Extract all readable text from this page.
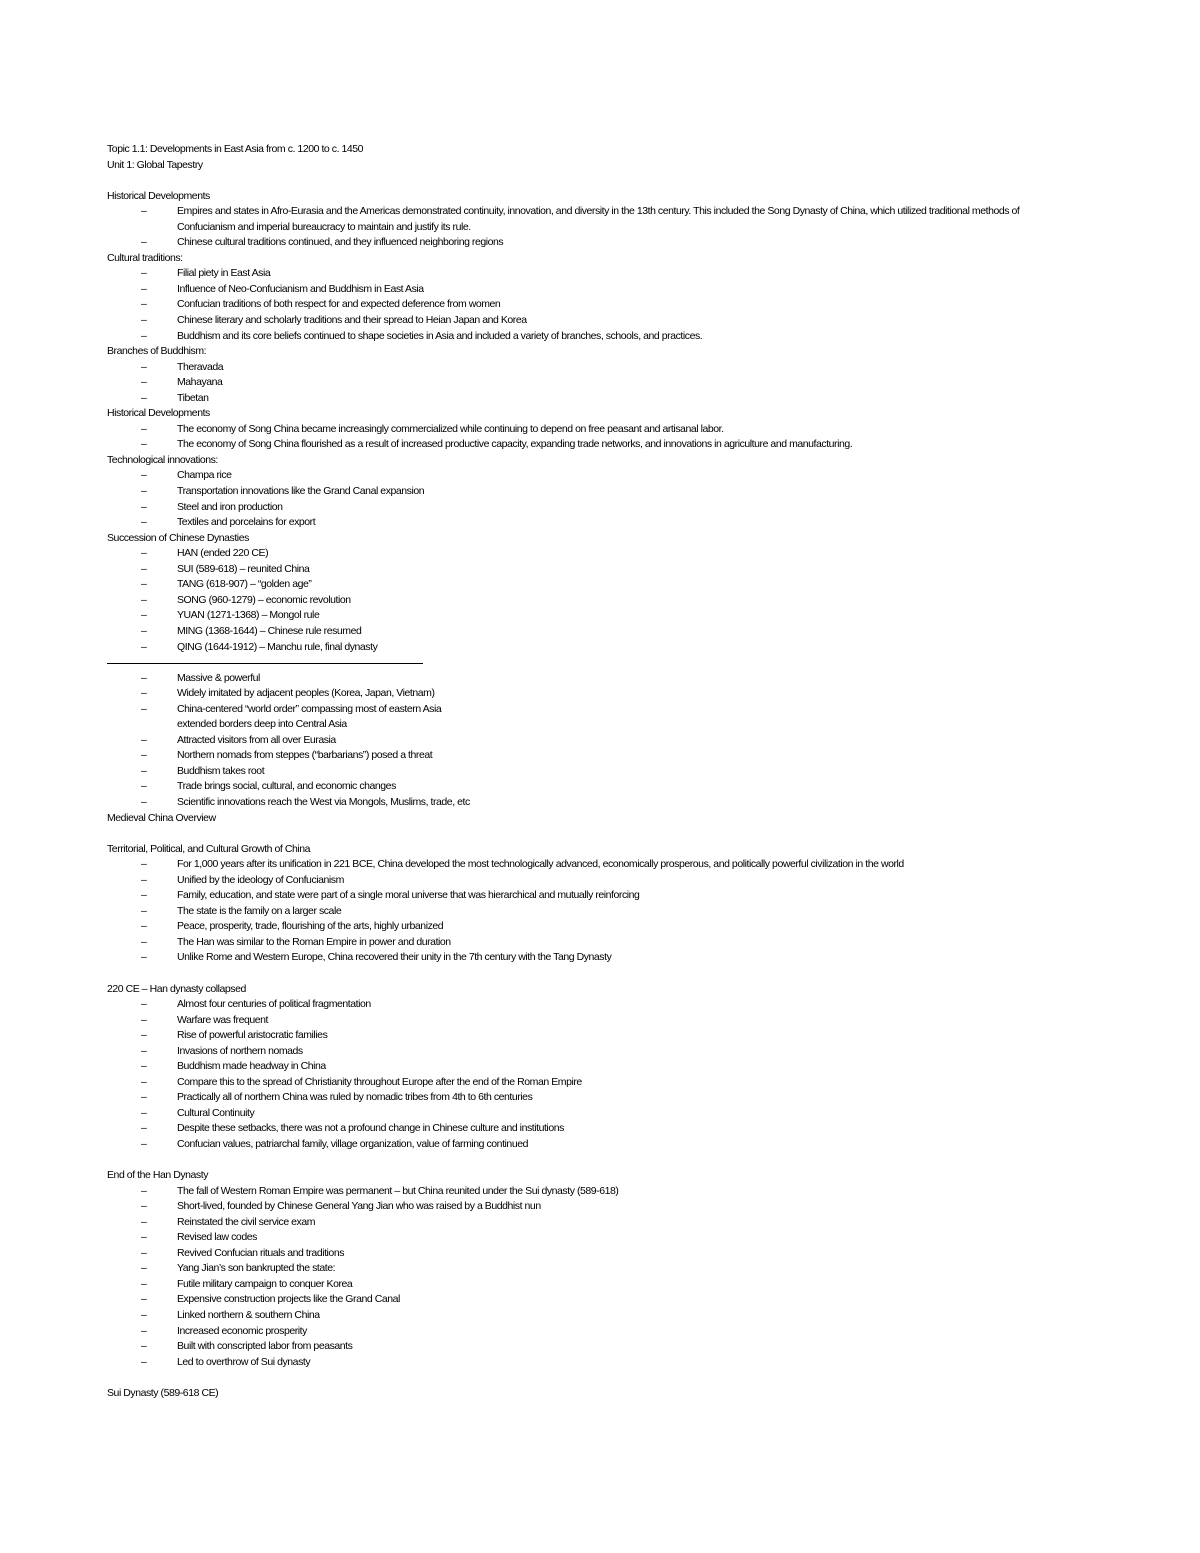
Topic 1.1: Developments in East Asia from c. 1200 to c. 1450
Unit 1: Global Tapestry
Historical Developments
–	Empires and states in Afro-Eurasia and the Americas demonstrated continuity, innovation, and diversity in the 13th century. This included the Song Dynasty of China, which utilized traditional methods of Confucianism and imperial bureaucracy to maintain and justify its rule.
–	Chinese cultural traditions continued, and they influenced neighboring regions
Cultural traditions:
–	Filial piety in East Asia
–	Influence of Neo-Confucianism and Buddhism in East Asia
–	Confucian traditions of both respect for and expected deference from women
–	Chinese literary and scholarly traditions and their spread to Heian Japan and Korea
–	Buddhism and its core beliefs continued to shape societies in Asia and included a variety of branches, schools, and practices.
Branches of Buddhism:
–	Theravada
–	Mahayana
–	Tibetan
Historical Developments
–	The economy of Song China became increasingly commercialized while continuing to depend on free peasant and artisanal labor.
–	The economy of Song China flourished as a result of increased productive capacity, expanding trade networks, and innovations in agriculture and manufacturing.
Technological innovations:
–	Champa rice
–	Transportation innovations like the Grand Canal expansion
–	Steel and iron production
–	Textiles and porcelains for export
Succession of Chinese Dynasties
–	HAN (ended 220 CE)
–	SUI (589-618) – reunited China
–	TANG (618-907) – “golden age”
–	SONG (960-1279) – economic revolution
–	YUAN (1271-1368) – Mongol rule
–	MING (1368-1644) – Chinese rule resumed
–	QING (1644-1912) – Manchu rule, final dynasty
–	Massive & powerful
–	Widely imitated by adjacent peoples (Korea, Japan, Vietnam)
–	China-centered “world order” compassing most of eastern Asia
extended borders deep into Central Asia
–	Attracted visitors from all over Eurasia
–	Northern nomads from steppes (“barbarians”) posed a threat
–	Buddhism takes root
–	Trade brings social, cultural, and economic changes
–	Scientific innovations reach the West via Mongols, Muslims, trade, etc
Medieval China Overview
Territorial, Political, and Cultural Growth of China
–	For 1,000 years after its unification in 221 BCE, China developed the most technologically advanced, economically prosperous, and politically powerful civilization in the world
–	Unified by the ideology of Confucianism
–	Family, education, and state were part of a single moral universe that was hierarchical and mutually reinforcing
–	The state is the family on a larger scale
–	Peace, prosperity, trade, flourishing of the arts, highly urbanized
–	The Han was similar to the Roman Empire in power and duration
–	Unlike Rome and Western Europe, China recovered their unity in the 7th century with the Tang Dynasty
220 CE – Han dynasty collapsed
–	Almost four centuries of political fragmentation
–	Warfare was frequent
–	Rise of powerful aristocratic families
–	Invasions of northern nomads
–	Buddhism made headway in China
–	Compare this to the spread of Christianity throughout Europe after the end of the Roman Empire
–	Practically all of northern China was ruled by nomadic tribes from 4th to 6th centuries
–	Cultural Continuity
–	Despite these setbacks, there was not a profound change in Chinese culture and institutions
–	Confucian values, patriarchal family, village organization, value of farming continued
End of the Han Dynasty
–	The fall of Western Roman Empire was permanent – but China reunited under the Sui dynasty (589-618)
–	Short-lived, founded by Chinese General Yang Jian who was raised by a Buddhist nun
–	Reinstated the civil service exam
–	Revised law codes
–	Revived Confucian rituals and traditions
–	Yang Jian’s son bankrupted the state:
–	Futile military campaign to conquer Korea
–	Expensive construction projects like the Grand Canal
–	Linked northern & southern China
–	Increased economic prosperity
–	Built with conscripted labor from peasants
–	Led to overthrow of Sui dynasty
Sui Dynasty (589-618 CE)
